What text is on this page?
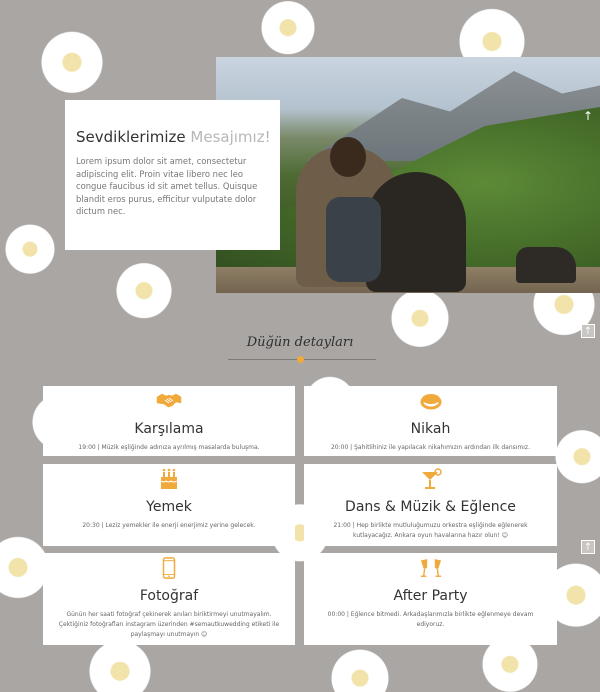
Sevdiklerimize Mesajımız!
Lorem ipsum dolor sit amet, consectetur adipiscing elit. Proin vitae libero nec leo congue faucibus id sit amet tellus. Quisque blandit eros purus, efficitur vulputate dolor dictum nec.
↑
↑
↑
Düğün detayları
Karşılama
19:00 | Müzik eşliğinde adınıza ayrılmış masalarda buluşma.
Nikah
20:00 | Şahitlihiniz ile yapılacak nikahımızın ardından ilk dansımız.
Yemek
20:30 | Leziz yemekler ile enerji enerjimiz yerine gelecek.
Dans & Müzik & Eğlence
21:00 | Hep birlikte mutluluğumuzu orkestra eşliğinde eğlenerek kutlayacağız. Ankara oyun havalarına hazır olun! 😊
Fotoğraf
Günün her saati fotoğraf çekinerek anıları biriktirmeyi unutmayalım. Çektiğiniz fotoğrafları instagram üzerinden #semautkuwedding etiketi ile paylaşmayı unutmayın 😊
After Party
00:00 | Eğlence bitmedi. Arkadaşlarımızla birlikte eğlenmeye devam ediyoruz.
